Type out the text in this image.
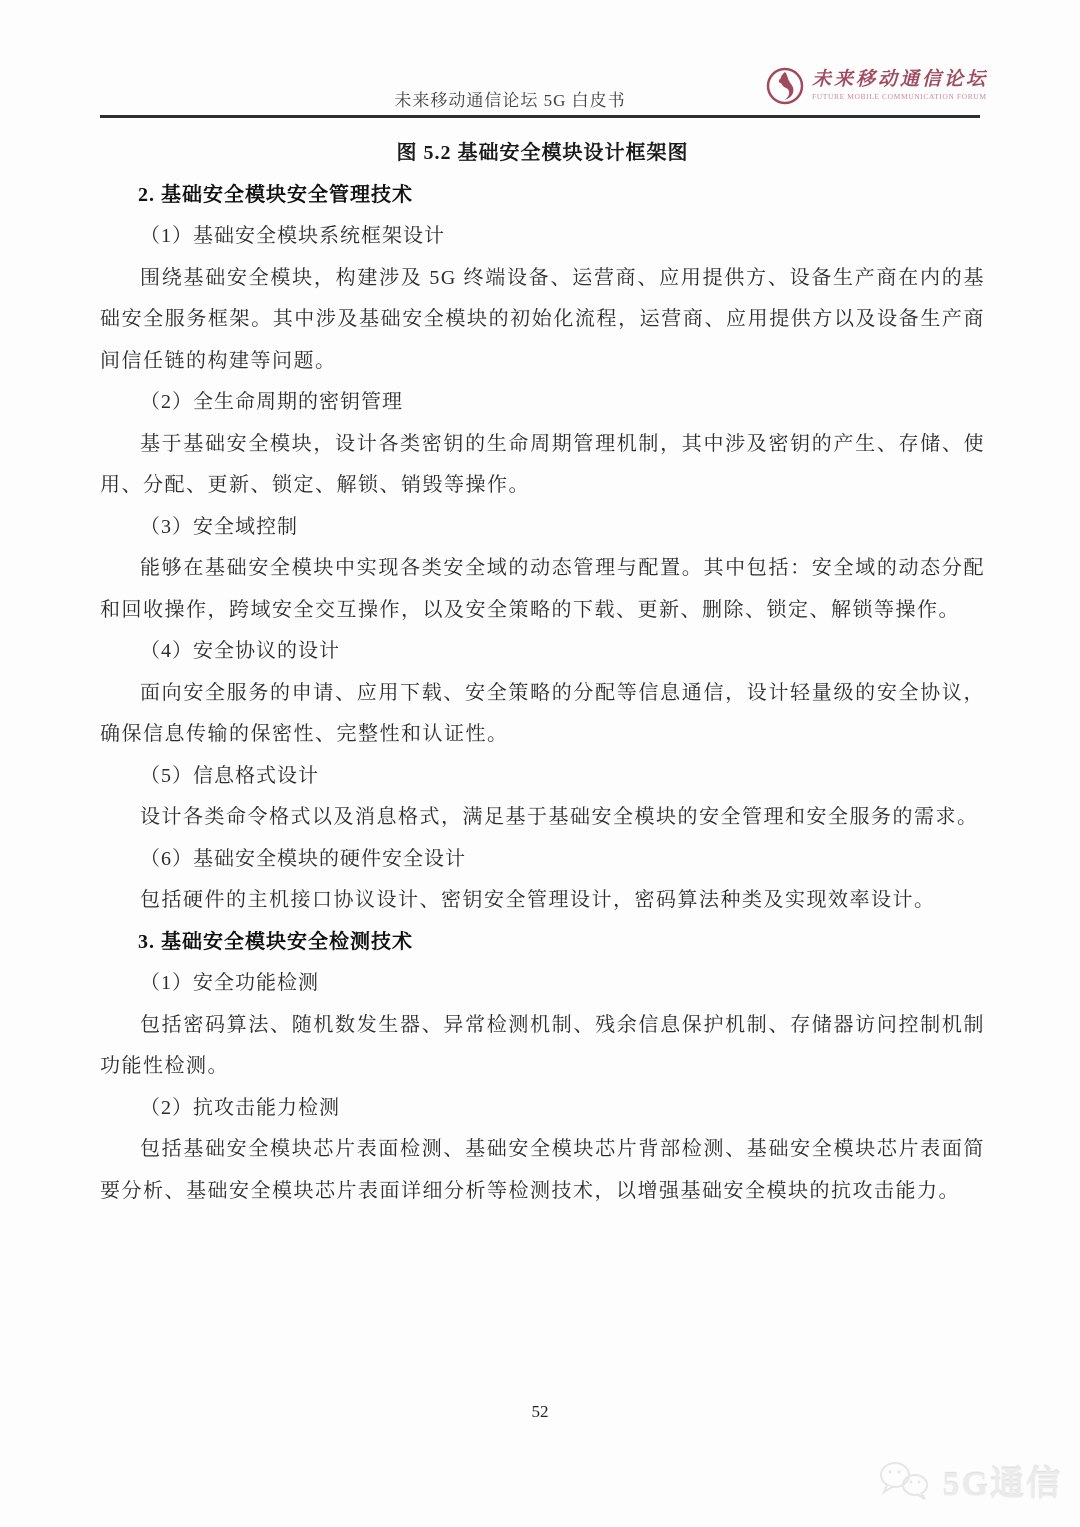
未来移动通信论坛 5G 白皮书
未来移动通信论坛
FUTURE MOBILE COMMUNICATION FORUM

图 5.2 基础安全模块设计框架图

2. 基础安全模块安全管理技术

（1）基础安全模块系统框架设计

围绕基础安全模块，构建涉及 5G 终端设备、运营商、应用提供方、设备生产商在内的基础安全服务框架。其中涉及基础安全模块的初始化流程，运营商、应用提供方以及设备生产商间信任链的构建等问题。

（2）全生命周期的密钥管理

基于基础安全模块，设计各类密钥的生命周期管理机制，其中涉及密钥的产生、存储、使用、分配、更新、锁定、解锁、销毁等操作。

（3）安全域控制

能够在基础安全模块中实现各类安全域的动态管理与配置。其中包括：安全域的动态分配和回收操作，跨域安全交互操作，以及安全策略的下载、更新、删除、锁定、解锁等操作。

（4）安全协议的设计

面向安全服务的申请、应用下载、安全策略的分配等信息通信，设计轻量级的安全协议，确保信息传输的保密性、完整性和认证性。

（5）信息格式设计

设计各类命令格式以及消息格式，满足基于基础安全模块的安全管理和安全服务的需求。

（6）基础安全模块的硬件安全设计

包括硬件的主机接口协议设计、密钥安全管理设计，密码算法种类及实现效率设计。

3. 基础安全模块安全检测技术

（1）安全功能检测

包括密码算法、随机数发生器、异常检测机制、残余信息保护机制、存储器访问控制机制功能性检测。

（2）抗攻击能力检测

包括基础安全模块芯片表面检测、基础安全模块芯片背部检测、基础安全模块芯片表面简要分析、基础安全模块芯片表面详细分析等检测技术，以增强基础安全模块的抗攻击能力。

52
5G通信
